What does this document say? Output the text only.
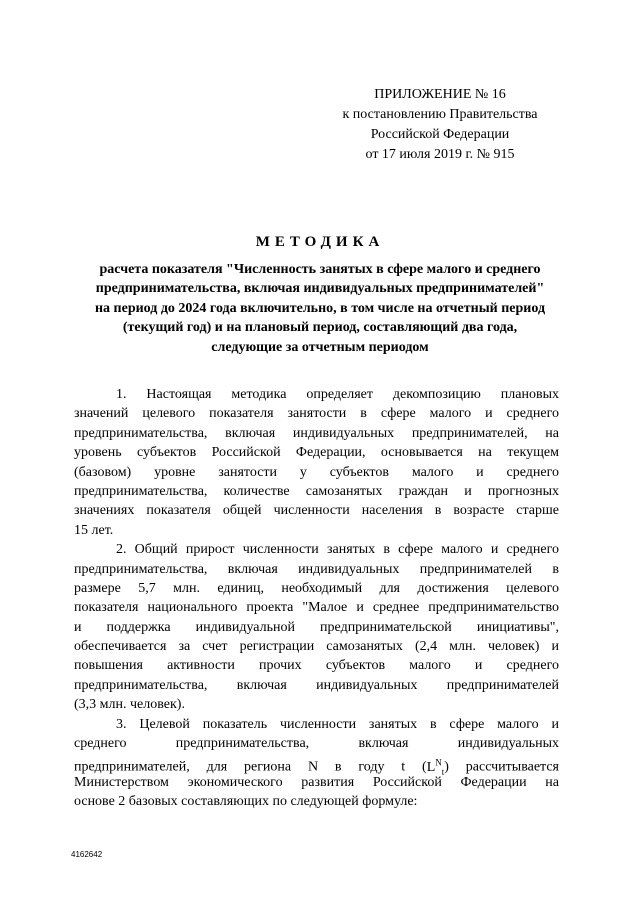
ПРИЛОЖЕНИЕ № 16
к постановлению Правительства
Российской Федерации
от 17 июля 2019 г. № 915
МЕТОДИКА
расчета показателя "Численность занятых в сфере малого и среднего
предпринимательства, включая индивидуальных предпринимателей"
на период до 2024 года включительно, в том числе на отчетный период
(текущий год) и на плановый период, составляющий два года,
следующие за отчетным периодом
1. Настоящая методика определяет декомпозицию плановых
значений целевого показателя занятости в сфере малого и среднего
предпринимательства, включая индивидуальных предпринимателей, на
уровень субъектов Российской Федерации, основывается на текущем
(базовом) уровне занятости у субъектов малого и среднего
предпринимательства, количестве самозанятых граждан и прогнозных
значениях показателя общей численности населения в возрасте старше
15 лет.
2. Общий прирост численности занятых в сфере малого и среднего
предпринимательства, включая индивидуальных предпринимателей в
размере 5,7 млн. единиц, необходимый для достижения целевого
показателя национального проекта "Малое и среднее предпринимательство
и поддержка индивидуальной предпринимательской инициативы",
обеспечивается за счет регистрации самозанятых (2,4 млн. человек) и
повышения активности прочих субъектов малого и среднего
предпринимательства, включая индивидуальных предпринимателей
(3,3 млн. человек).
3. Целевой показатель численности занятых в сфере малого и
среднего предпринимательства, включая индивидуальных
предпринимателей, для региона N в году t $(L^N_t)$ рассчитывается
Министерством экономического развития Российской Федерации на
основе 2 базовых составляющих по следующей формуле:
4162642
